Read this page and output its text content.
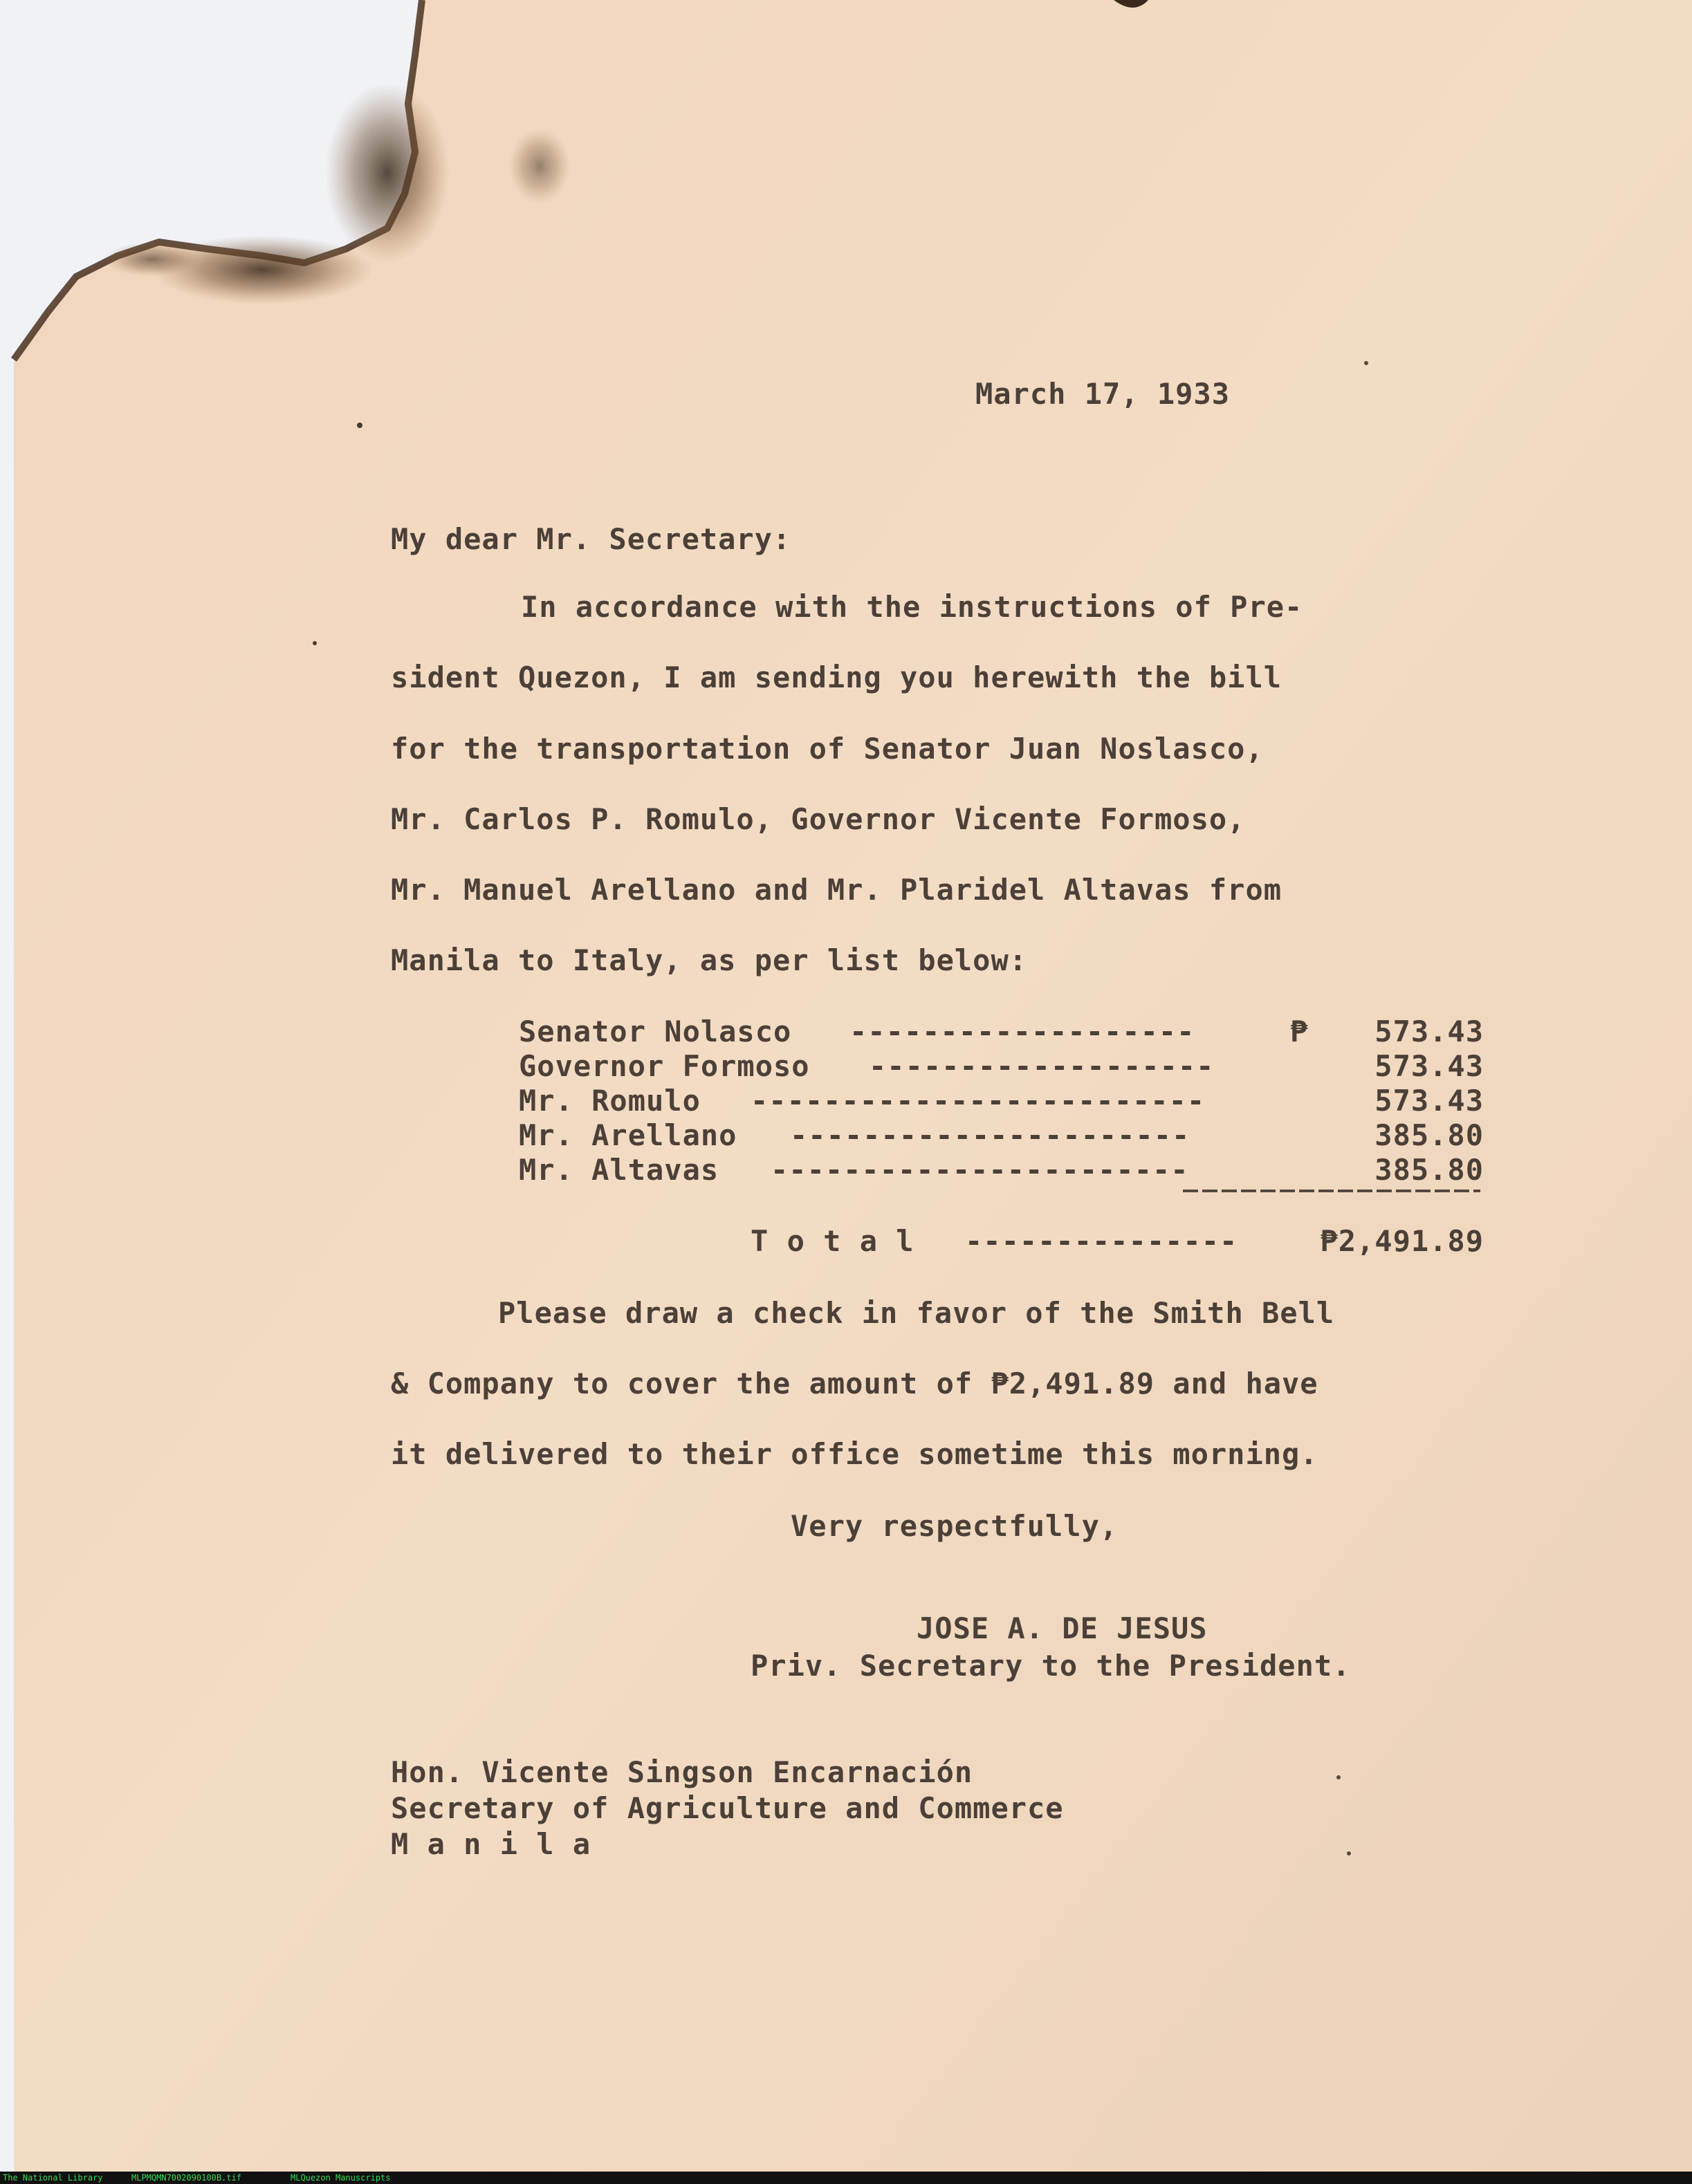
March 17, 1933
My dear Mr. Secretary:
In accordance with the instructions of Pre-
sident Quezon, I am sending you herewith the bill
for the transportation of Senator Juan Noslasco,
Mr. Carlos P. Romulo, Governor Vicente Formoso,
Mr. Manuel Arellano and Mr. Plaridel Altavas from
Manila to Italy, as per list below:
Senator Nolasco -------------------	₱	573.43
Governor Formoso -------------------	573.43
Mr. Romulo -------------------------	573.43
Mr. Arellano ----------------------	385.80
Mr. Altavas -----------------------	385.80
T o t a l ---------------	₱2,491.89
Please draw a check in favor of the Smith Bell
& Company to cover the amount of ₱2,491.89 and have
it delivered to their office sometime this morning.
Very respectfully,
JOSE A. DE JESUS
Priv. Secretary to the President.
Hon. Vicente Singson Encarnación
Secretary of Agriculture and Commerce
M a n i l a
The National Library	MLPMQMN7002090100B.tif	MLQuezon Manuscripts
